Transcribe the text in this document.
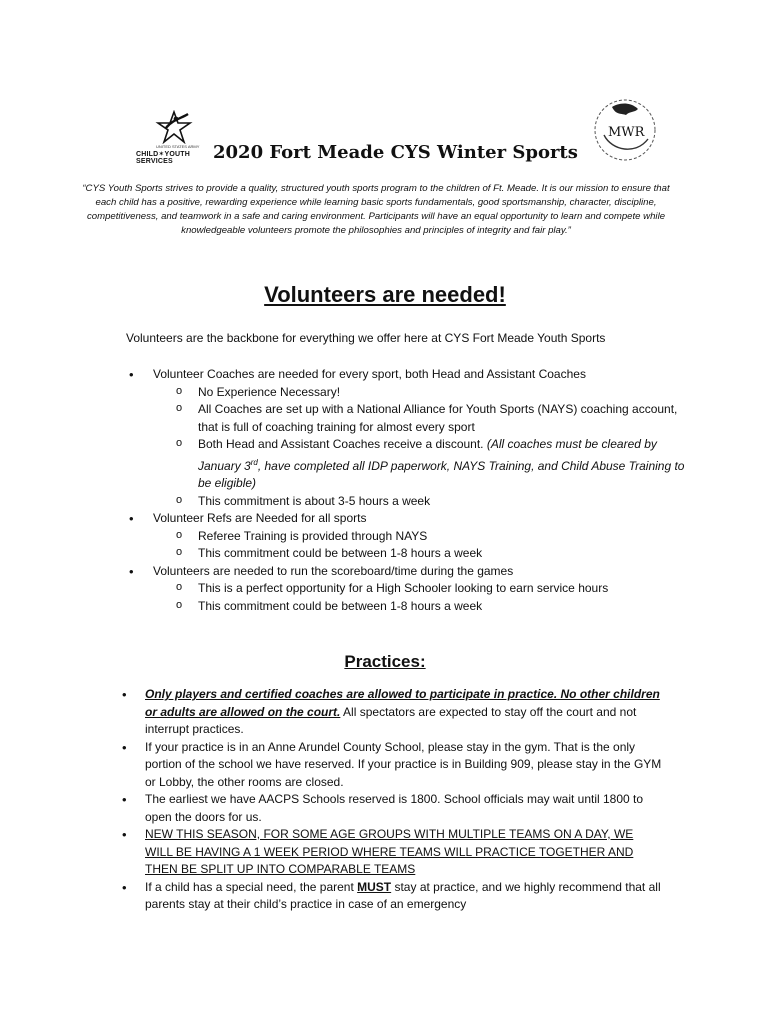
UNITED STATES ARMY
CHILD✶YOUTH SERVICES	2020 Fort Meade CYS Winter Sports
MWR
“CYS Youth Sports strives to provide a quality, structured youth sports program to the children of Ft. Meade. It is our mission to ensure that each child has a positive, rewarding experience while learning basic sports fundamentals, good sportsmanship, character, discipline, competitiveness, and teamwork in a safe and caring environment. Participants will have an equal opportunity to learn and compete while knowledgeable volunteers promote the philosophies and principles of integrity and fair play.”
Volunteers are needed!
Volunteers are the backbone for everything we offer here at CYS Fort Meade Youth Sports
• Volunteer Coaches are needed for every sport, both Head and Assistant Coaches
o No Experience Necessary!
o All Coaches are set up with a National Alliance for Youth Sports (NAYS) coaching account, that is full of coaching training for almost every sport
o Both Head and Assistant Coaches receive a discount. (All coaches must be cleared by January 3rd, have completed all IDP paperwork, NAYS Training, and Child Abuse Training to be eligible)
o This commitment is about 3-5 hours a week
• Volunteer Refs are Needed for all sports
o Referee Training is provided through NAYS
o This commitment could be between 1-8 hours a week
• Volunteers are needed to run the scoreboard/time during the games
o This is a perfect opportunity for a High Schooler looking to earn service hours
o This commitment could be between 1-8 hours a week
Practices:
• Only players and certified coaches are allowed to participate in practice. No other children or adults are allowed on the court. All spectators are expected to stay off the court and not interrupt practices.
• If your practice is in an Anne Arundel County School, please stay in the gym. That is the only portion of the school we have reserved. If your practice is in Building 909, please stay in the GYM or Lobby, the other rooms are closed.
• The earliest we have AACPS Schools reserved is 1800. School officials may wait until 1800 to open the doors for us.
• NEW THIS SEASON, FOR SOME AGE GROUPS WITH MULTIPLE TEAMS ON A DAY, WE WILL BE HAVING A 1 WEEK PERIOD WHERE TEAMS WILL PRACTICE TOGETHER AND THEN BE SPLIT UP INTO COMPARABLE TEAMS
• If a child has a special need, the parent MUST stay at practice, and we highly recommend that all parents stay at their child’s practice in case of an emergency
